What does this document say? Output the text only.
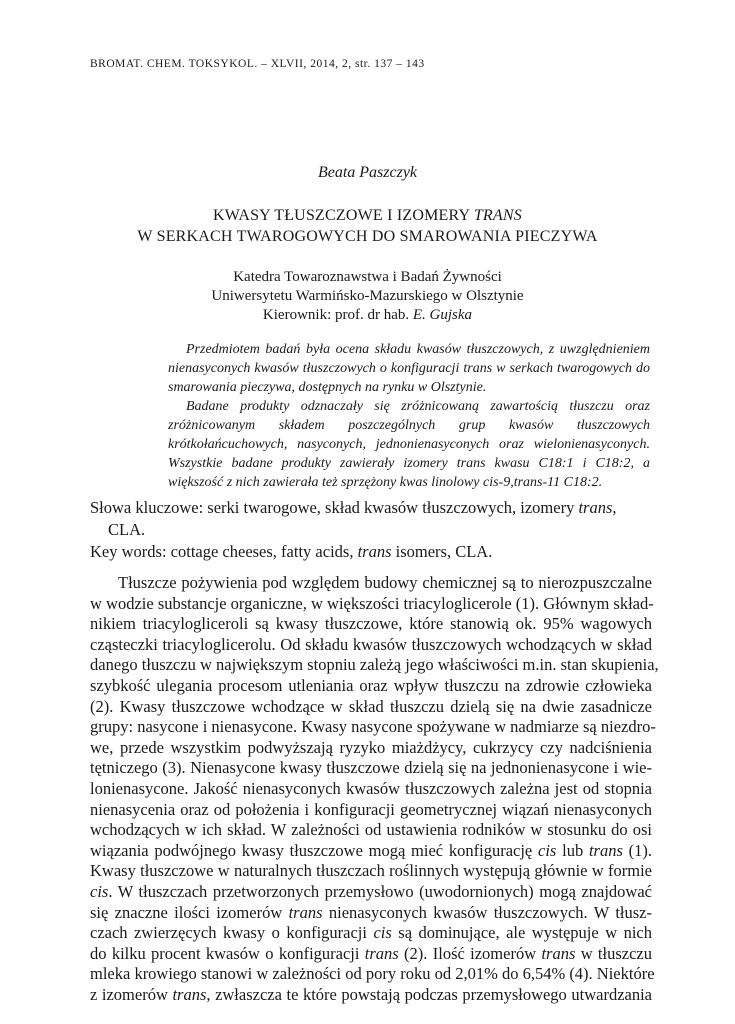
BROMAT. CHEM. TOKSYKOL. – XLVII, 2014, 2, str. 137 – 143
Beata Paszczyk
KWASY TŁUSZCZOWE I IZOMERY TRANS
W SERKACH TWAROGOWYCH DO SMAROWANIA PIECZYWA
Katedra Towaroznawstwa i Badań Żywności
Uniwersytetu Warmińsko-Mazurskiego w Olsztynie
Kierownik: prof. dr hab. E. Gujska

Przedmiotem badań była ocena składu kwasów tłuszczowych, z uwzględnieniem nienasyconych kwasów tłuszczowych o konfiguracji trans w serkach twarogowych do smarowania pieczywa, dostępnych na rynku w Olsztynie.

Badane produkty odznaczały się zróżnicowaną zawartością tłuszczu oraz zróżnicowanym składem poszczególnych grup kwasów tłuszczowych krótkołańcuchowych, nasyconych, jednonienasyconych oraz wielonienasyconych. Wszystkie badane produkty zawierały izomery trans kwasu C18:1 i C18:2, a większość z nich zawierała też sprzężony kwas linolowy cis-9,trans-11 C18:2.

Słowa kluczowe: serki twarogowe, skład kwasów tłuszczowych, izomery trans, CLA.

Key words: cottage cheeses, fatty acids, trans isomers, CLA.

Tłuszcze pożywienia pod względem budowy chemicznej są to nierozpuszczalne
w wodzie substancje organiczne, w większości triacyloglicerole (1). Głównym skład-
nikiem triacylogliceroli są kwasy tłuszczowe, które stanowią ok. 95% wagowych
cząsteczki triacyloglicerolu. Od składu kwasów tłuszczowych wchodzących w skład
danego tłuszczu w największym stopniu zależą jego właściwości m.in. stan skupienia,
szybkość ulegania procesom utleniania oraz wpływ tłuszczu na zdrowie człowieka
(2). Kwasy tłuszczowe wchodzące w skład tłuszczu dzielą się na dwie zasadnicze
grupy: nasycone i nienasycone. Kwasy nasycone spożywane w nadmiarze są niezdro-
we, przede wszystkim podwyższają ryzyko miażdżycy, cukrzycy czy nadciśnienia
tętniczego (3). Nienasycone kwasy tłuszczowe dzielą się na jednonienasycone i wie-
lonienasycone. Jakość nienasyconych kwasów tłuszczowych zależna jest od stopnia
nienasycenia oraz od położenia i konfiguracji geometrycznej wiązań nienasyconych
wchodzących w ich skład. W zależności od ustawienia rodników w stosunku do osi
wiązania podwójnego kwasy tłuszczowe mogą mieć konfigurację cis lub trans (1).
Kwasy tłuszczowe w naturalnych tłuszczach roślinnych występują głównie w formie
cis. W tłuszczach przetworzonych przemysłowo (uwodornionych) mogą znajdować
się znaczne ilości izomerów trans nienasyconych kwasów tłuszczowych. W tłusz-
czach zwierzęcych kwasy o konfiguracji cis są dominujące, ale występuje w nich
do kilku procent kwasów o konfiguracji trans (2). Ilość izomerów trans w tłuszczu
mleka krowiego stanowi w zależności od pory roku od 2,01% do 6,54% (4). Niektóre
z izomerów trans, zwłaszcza te które powstają podczas przemysłowego utwardzania
